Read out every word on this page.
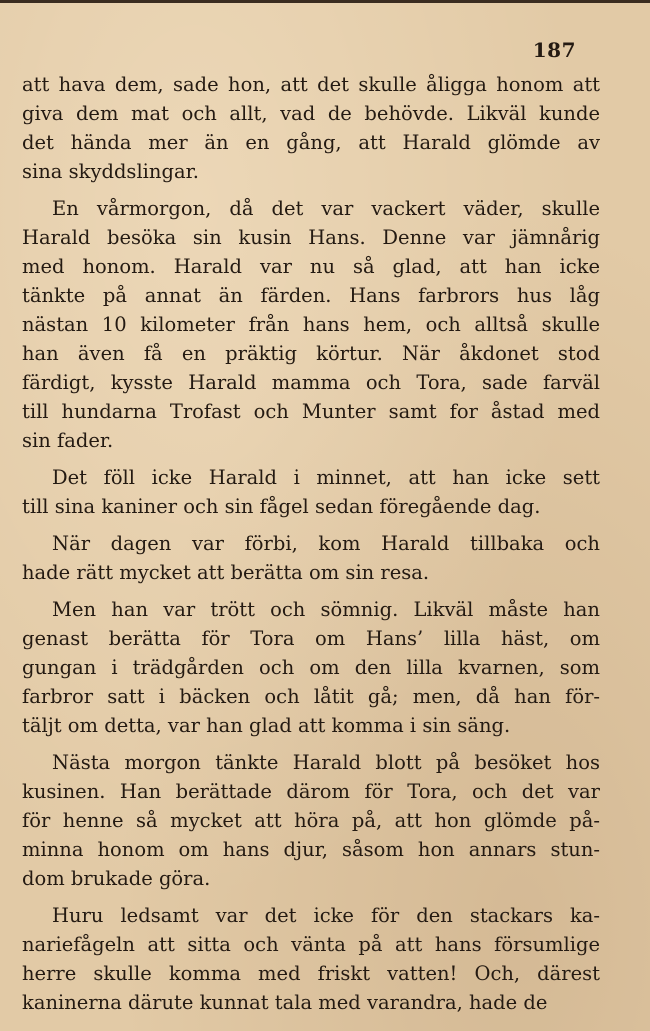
187

att hava dem, sade hon, att det skulle åligga honom att
giva dem mat och allt, vad de behövde. Likväl kunde
det hända mer än en gång, att Harald glömde av
sina skyddslingar.

En vårmorgon, då det var vackert väder, skulle
Harald besöka sin kusin Hans. Denne var jämnårig
med honom. Harald var nu så glad, att han icke
tänkte på annat än färden. Hans farbrors hus låg
nästan 10 kilometer från hans hem, och alltså skulle
han även få en präktig körtur. När åkdonet stod
färdigt, kysste Harald mamma och Tora, sade farväl
till hundarna Trofast och Munter samt for åstad med
sin fader.

Det föll icke Harald i minnet, att han icke sett
till sina kaniner och sin fågel sedan föregående dag.

När dagen var förbi, kom Harald tillbaka och
hade rätt mycket att berätta om sin resa.

Men han var trött och sömnig. Likväl måste han
genast berätta för Tora om Hans’ lilla häst, om
gungan i trädgården och om den lilla kvarnen, som
farbror satt i bäcken och låtit gå; men, då han för-
täljt om detta, var han glad att komma i sin säng.

Nästa morgon tänkte Harald blott på besöket hos
kusinen. Han berättade därom för Tora, och det var
för henne så mycket att höra på, att hon glömde på-
minna honom om hans djur, såsom hon annars stun-
dom brukade göra.

Huru ledsamt var det icke för den stackars ka-
nariefågeln att sitta och vänta på att hans försumlige
herre skulle komma med friskt vatten! Och, därest
kaninerna därute kunnat tala med varandra, hade de
